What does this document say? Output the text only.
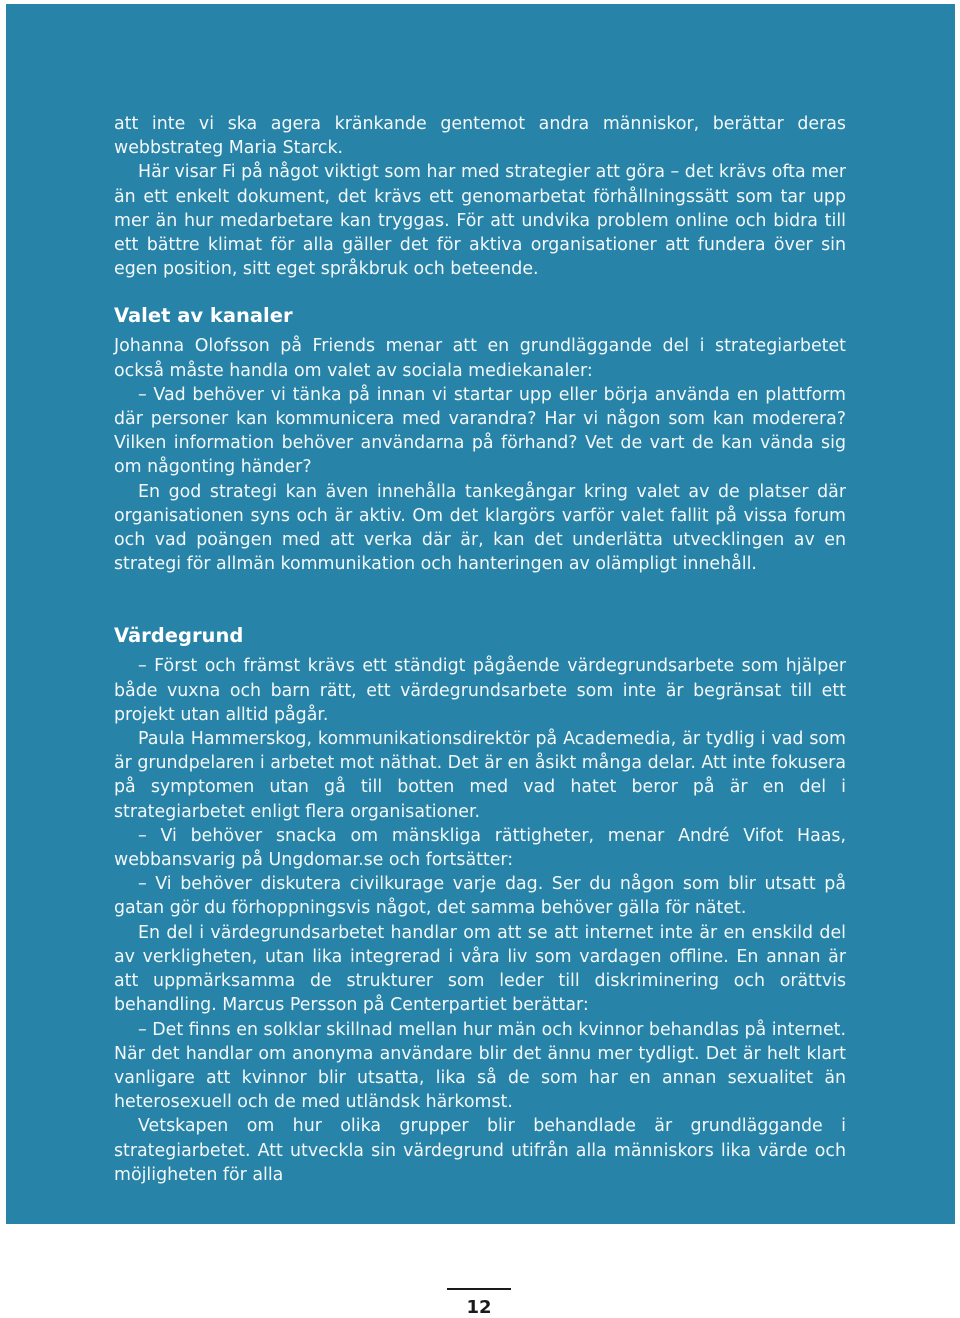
att inte vi ska agera kränkande gentemot andra människor, berättar deras webbstrateg Maria Starck.

Här visar Fi på något viktigt som har med strategier att göra – det krävs ofta mer än ett enkelt dokument, det krävs ett genomarbetat förhållningssätt som tar upp mer än hur medarbetare kan tryggas. För att undvika problem online och bidra till ett bättre klimat för alla gäller det för aktiva organisationer att fundera över sin egen position, sitt eget språkbruk och beteende.

Valet av kanaler

Johanna Olofsson på Friends menar att en grundläggande del i strategiarbetet också måste handla om valet av sociala mediekanaler:

– Vad behöver vi tänka på innan vi startar upp eller börja använda en plattform där personer kan kommunicera med varandra? Har vi någon som kan moderera? Vilken information behöver användarna på förhand? Vet de vart de kan vända sig om någonting händer?

En god strategi kan även innehålla tankegångar kring valet av de platser där organisationen syns och är aktiv. Om det klargörs varför valet fallit på vissa forum och vad poängen med att verka där är, kan det underlätta utvecklingen av en strategi för allmän kommunikation och hanteringen av olämpligt innehåll.

Värdegrund

– Först och främst krävs ett ständigt pågående värdegrundsarbete som hjälper både vuxna och barn rätt, ett värdegrundsarbete som inte är begränsat till ett projekt utan alltid pågår.

Paula Hammerskog, kommunikationsdirektör på Academedia, är tydlig i vad som är grundpelaren i arbetet mot näthat. Det är en åsikt många delar. Att inte fokusera på symptomen utan gå till botten med vad hatet beror på är en del i strategiarbetet enligt flera organisationer.

– Vi behöver snacka om mänskliga rättigheter, menar André Vifot Haas, webbansvarig på Ungdomar.se och fortsätter:

– Vi behöver diskutera civilkurage varje dag. Ser du någon som blir utsatt på gatan gör du förhoppningsvis något, det samma behöver gälla för nätet.

En del i värdegrundsarbetet handlar om att se att internet inte är en enskild del av verkligheten, utan lika integrerad i våra liv som vardagen offline. En annan är att uppmärksamma de strukturer som leder till diskriminering och orättvis behandling. Marcus Persson på Centerpartiet berättar:

– Det finns en solklar skillnad mellan hur män och kvinnor behandlas på internet. När det handlar om anonyma användare blir det ännu mer tydligt. Det är helt klart vanligare att kvinnor blir utsatta, lika så de som har en annan sexualitet än heterosexuell och de med utländsk härkomst.

Vetskapen om hur olika grupper blir behandlade är grundläggande i strategiarbetet. Att utveckla sin värdegrund utifrån alla människors lika värde och möjligheten för alla

12
